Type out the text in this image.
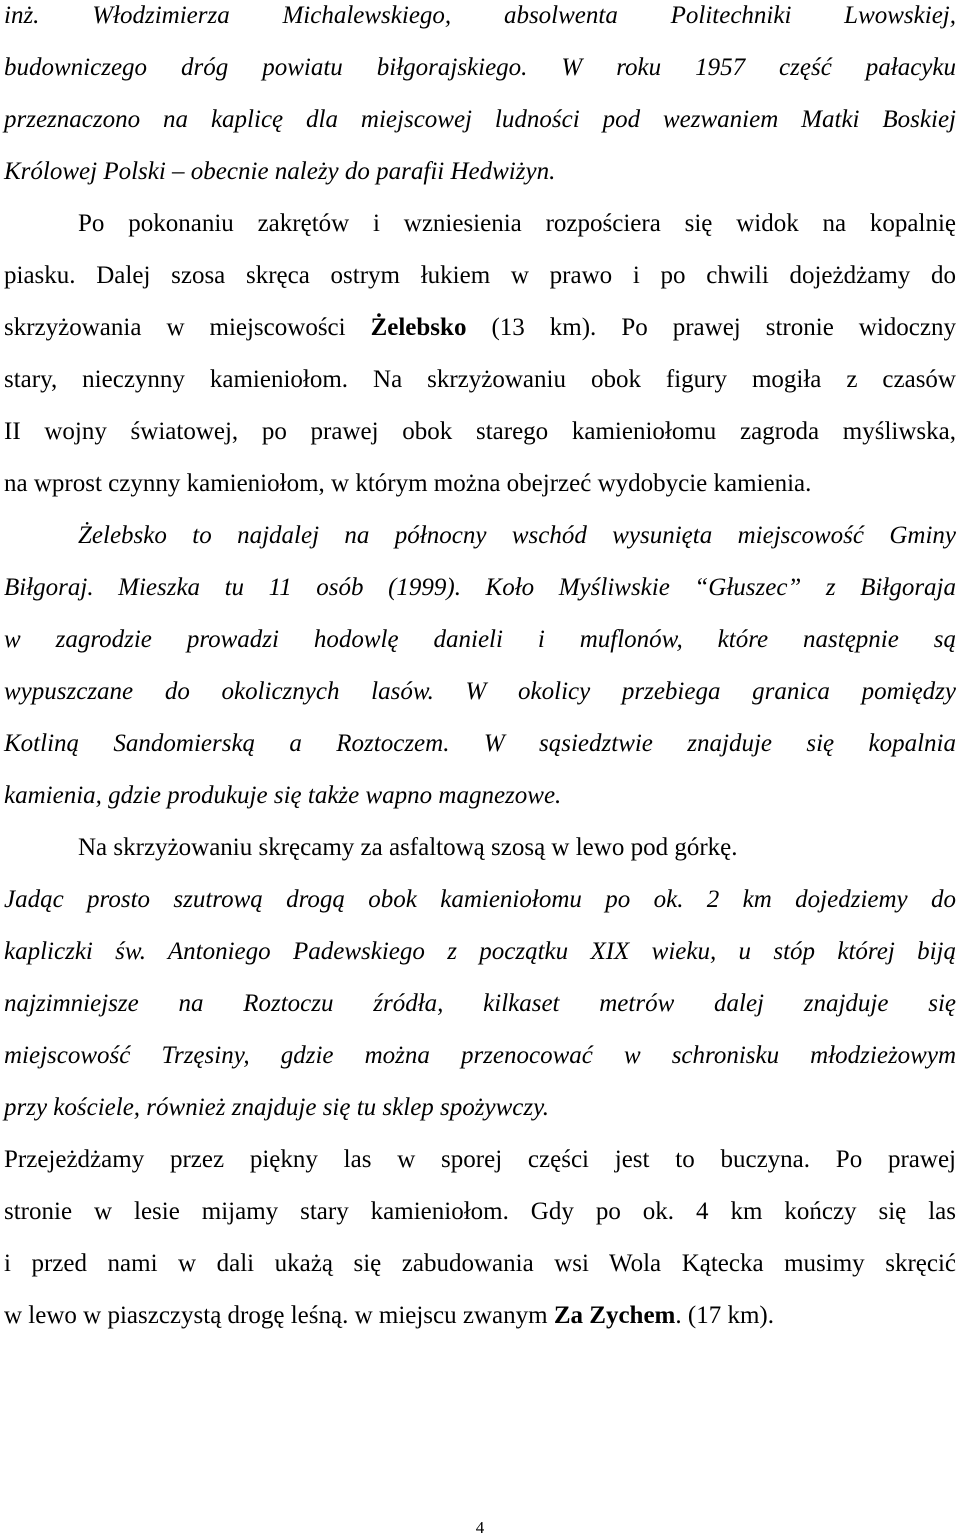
inż. Włodzimierza Michalewskiego, absolwenta Politechniki Lwowskiej,
budowniczego dróg powiatu biłgorajskiego. W roku 1957 część pałacyku
przeznaczono na kaplicę dla miejscowej ludności pod wezwaniem Matki Boskiej
Królowej Polski – obecnie należy do parafii Hedwiżyn.
Po pokonaniu zakrętów i wzniesienia rozpościera się widok na kopalnię
piasku. Dalej szosa skręca ostrym łukiem w prawo i po chwili dojeżdżamy do
skrzyżowania w miejscowości Żelebsko (13 km). Po prawej stronie widoczny
stary, nieczynny kamieniołom. Na skrzyżowaniu obok figury mogiła z czasów
II wojny światowej, po prawej obok starego kamieniołomu zagroda myśliwska,
na wprost czynny kamieniołom, w którym można obejrzeć wydobycie kamienia.
Żelebsko to najdalej na północny wschód wysunięta miejscowość Gminy
Biłgoraj. Mieszka tu 11 osób (1999). Koło Myśliwskie “Głuszec” z Biłgoraja
w zagrodzie prowadzi hodowlę danieli i muflonów, które następnie są
wypuszczane do okolicznych lasów. W okolicy przebiega granica pomiędzy
Kotliną Sandomierską a Roztoczem. W sąsiedztwie znajduje się kopalnia
kamienia, gdzie produkuje się także wapno magnezowe.
Na skrzyżowaniu skręcamy za asfaltową szosą w lewo pod górkę.
Jadąc prosto szutrową drogą obok kamieniołomu po ok. 2 km dojedziemy do
kapliczki św. Antoniego Padewskiego z początku XIX wieku, u stóp której biją
najzimniejsze na Roztoczu źródła, kilkaset metrów dalej znajduje się
miejscowość Trzęsiny, gdzie można przenocować w schronisku młodzieżowym
przy kościele, również znajduje się tu sklep spożywczy.
Przejeżdżamy przez piękny las w sporej części jest to buczyna. Po prawej
stronie w lesie mijamy stary kamieniołom. Gdy po ok. 4 km kończy się las
i przed nami w dali ukażą się zabudowania wsi Wola Kątecka musimy skręcić
w lewo w piaszczystą drogę leśną. w miejscu zwanym Za Zychem. (17 km).
4
